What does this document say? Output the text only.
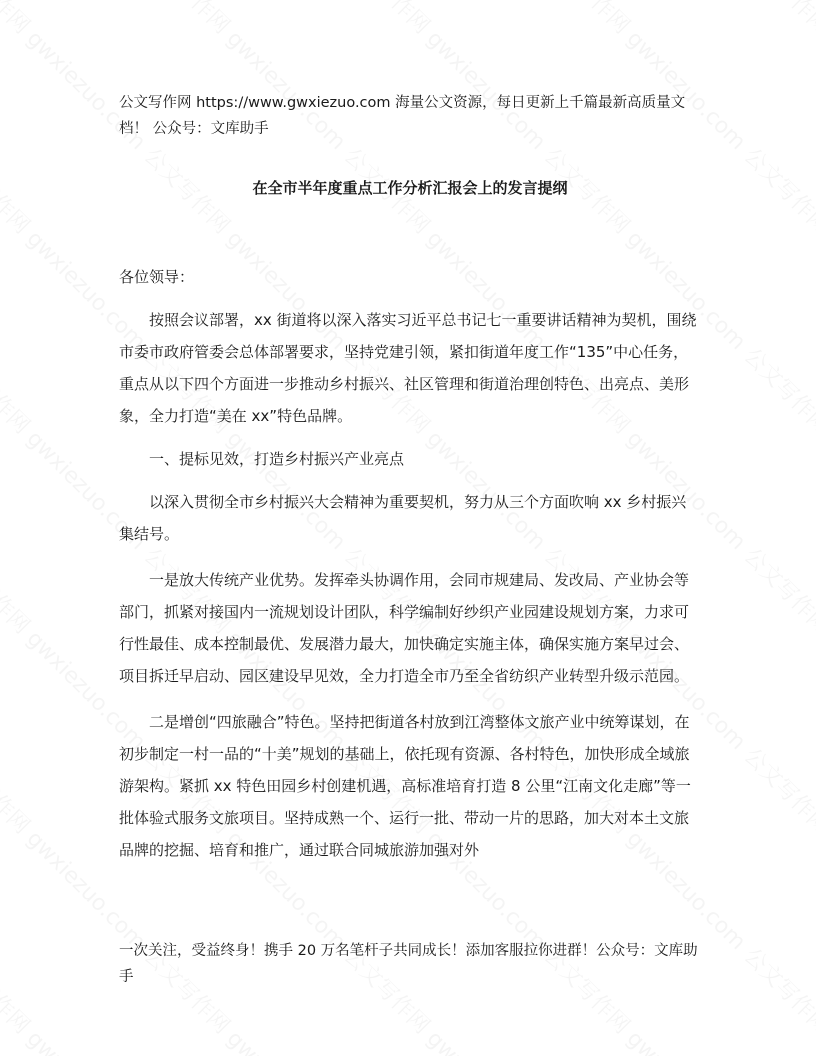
公文写作网 https://www.gwxiezuo.com 海量公文资源，每日更新上千篇最新高质量文档！ 公众号：文库助手

在全市半年度重点工作分析汇报会上的发言提纲

各位领导：

按照会议部署，xx 街道将以深入落实习近平总书记七一重要讲话精神为契机，围绕市委市政府管委会总体部署要求，坚持党建引领，紧扣街道年度工作“135”中心任务，重点从以下四个方面进一步推动乡村振兴、社区管理和街道治理创特色、出亮点、美形象，全力打造“美在 xx”特色品牌。

一、提标见效，打造乡村振兴产业亮点

以深入贯彻全市乡村振兴大会精神为重要契机，努力从三个方面吹响 xx 乡村振兴集结号。

一是放大传统产业优势。发挥牵头协调作用，会同市规建局、发改局、产业协会等部门，抓紧对接国内一流规划设计团队，科学编制好纱织产业园建设规划方案，力求可行性最佳、成本控制最优、发展潜力最大，加快确定实施主体，确保实施方案早过会、项目拆迁早启动、园区建设早见效，全力打造全市乃至全省纺织产业转型升级示范园。

二是增创“四旅融合”特色。坚持把街道各村放到江湾整体文旅产业中统筹谋划，在初步制定一村一品的“十美”规划的基础上，依托现有资源、各村特色，加快形成全域旅游架构。紧抓 xx 特色田园乡村创建机遇，高标准培育打造 8 公里“江南文化走廊”等一批体验式服务文旅项目。坚持成熟一个、运行一批、带动一片的思路，加大对本土文旅品牌的挖掘、培育和推广，通过联合同城旅游加强对外

一次关注，受益终身！携手 20 万名笔杆子共同成长！添加客服拉你进群！公众号：文库助手
